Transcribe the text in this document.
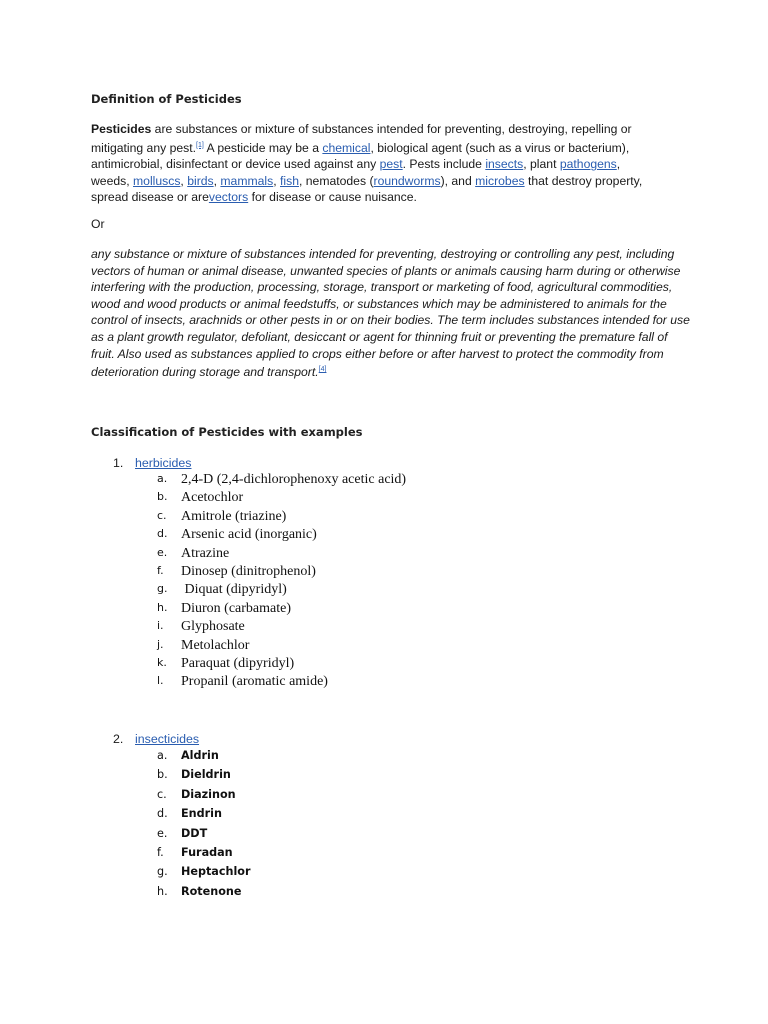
Definition of Pesticides
Pesticides are substances or mixture of substances intended for preventing, destroying, repelling or
mitigating any pest.[1] A pesticide may be a chemical, biological agent (such as a virus or bacterium),
antimicrobial, disinfectant or device used against any pest. Pests include insects, plant pathogens,
weeds, molluscs, birds, mammals, fish, nematodes (roundworms), and microbes that destroy property,
spread disease or arevectors for disease or cause nuisance.
Or
any substance or mixture of substances intended for preventing, destroying or controlling any pest, including vectors of human or animal disease, unwanted species of plants or animals causing harm during or otherwise interfering with the production, processing, storage, transport or marketing of food, agricultural commodities, wood and wood products or animal feedstuffs, or substances which may be administered to animals for the control of insects, arachnids or other pests in or on their bodies. The term includes substances intended for use as a plant growth regulator, defoliant, desiccant or agent for thinning fruit or preventing the premature fall of fruit. Also used as substances applied to crops either before or after harvest to protect the commodity from deterioration during storage and transport.[4]
Classification of Pesticides with examples
1. herbicides
a. 2,4-D (2,4-dichlorophenoxy acetic acid)
b. Acetochlor
c.	Amitrole (triazine)
d. Arsenic acid (inorganic)
e. Atrazine
f.	Dinosep (dinitrophenol)
g. Diquat (dipyridyl)
h. Diuron (carbamate)
i.	Glyphosate
j.	Metolachlor
k.	Paraquat (dipyridyl)
l.	Propanil (aromatic amide)
2. insecticides
a.	Aldrin
b.	Dieldrin
c.	Diazinon
d.	Endrin
e.	DDT
f.	Furadan
g.	Heptachlor
h.	Rotenone
